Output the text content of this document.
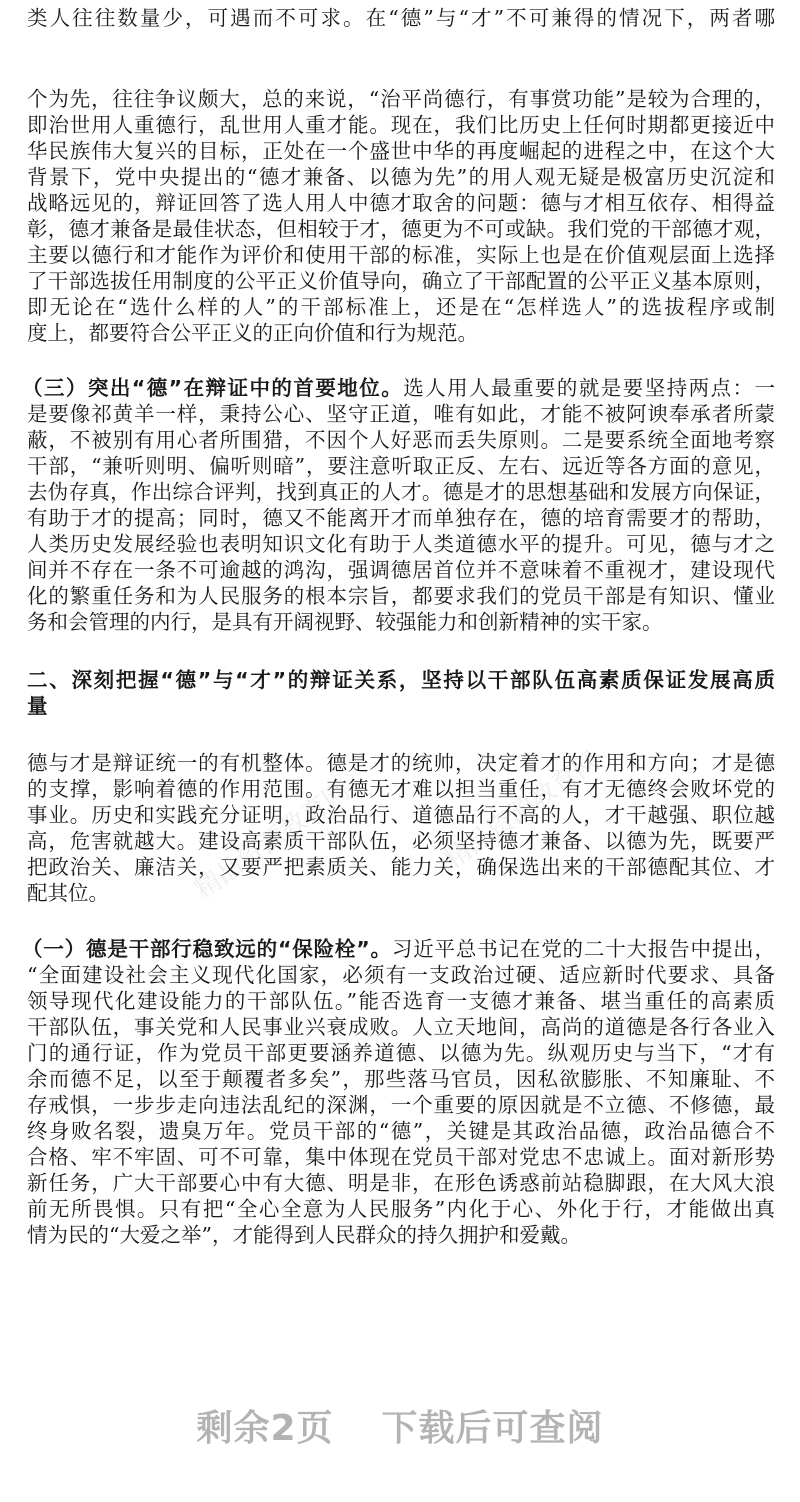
类人往往数量少，可遇而不可求。在“德”与“才”不可兼得的情况下，两者哪
个为先，往往争议颇大，总的来说，“治平尚德行，有事赏功能”是较为合理的，
即治世用人重德行，乱世用人重才能。现在，我们比历史上任何时期都更接近中
华民族伟大复兴的目标，正处在一个盛世中华的再度崛起的进程之中，在这个大
背景下，党中央提出的“德才兼备、以德为先”的用人观无疑是极富历史沉淀和
战略远见的，辩证回答了选人用人中德才取舍的问题：德与才相互依存、相得益
彰，德才兼备是最佳状态，但相较于才，德更为不可或缺。我们党的干部德才观，
主要以德行和才能作为评价和使用干部的标准，实际上也是在价值观层面上选择
了干部选拔任用制度的公平正义价值导向，确立了干部配置的公平正义基本原则，
即无论在“选什么样的人”的干部标准上，还是在“怎样选人”的选拔程序或制
度上，都要符合公平正义的正向价值和行为规范。
（三）突出“德”在辩证中的首要地位。选人用人最重要的就是要坚持两点：一
是要像祁黄羊一样，秉持公心、坚守正道，唯有如此，才能不被阿谀奉承者所蒙
蔽，不被别有用心者所围猎，不因个人好恶而丢失原则。二是要系统全面地考察
干部，“兼听则明、偏听则暗”，要注意听取正反、左右、远近等各方面的意见，
去伪存真，作出综合评判，找到真正的人才。德是才的思想基础和发展方向保证，
有助于才的提高；同时，德又不能离开才而单独存在，德的培育需要才的帮助，
人类历史发展经验也表明知识文化有助于人类道德水平的提升。可见，德与才之
间并不存在一条不可逾越的鸿沟，强调德居首位并不意味着不重视才，建设现代
化的繁重任务和为人民服务的根本宗旨，都要求我们的党员干部是有知识、懂业
务和会管理的内行，是具有开阔视野、较强能力和创新精神的实干家。
二、深刻把握“德”与“才”的辩证关系，坚持以干部队伍高素质保证发展高质
量
德与才是辩证统一的有机整体。德是才的统帅，决定着才的作用和方向；才是德
的支撑，影响着德的作用范围。有德无才难以担当重任，有才无德终会败坏党的
事业。历史和实践充分证明，政治品行、道德品行不高的人，才干越强、职位越
高，危害就越大。建设高素质干部队伍，必须坚持德才兼备、以德为先，既要严
把政治关、廉洁关，又要严把素质关、能力关，确保选出来的干部德配其位、才
配其位。
（一）德是干部行稳致远的“保险栓”。习近平总书记在党的二十大报告中提出，
“全面建设社会主义现代化国家，必须有一支政治过硬、适应新时代要求、具备
领导现代化建设能力的干部队伍。”能否选育一支德才兼备、堪当重任的高素质
干部队伍，事关党和人民事业兴衰成败。人立天地间，高尚的道德是各行各业入
门的通行证，作为党员干部更要涵养道德、以德为先。纵观历史与当下，“才有
余而德不足，以至于颠覆者多矣”，那些落马官员，因私欲膨胀、不知廉耻、不
存戒惧，一步步走向违法乱纪的深渊，一个重要的原因就是不立德、不修德，最
终身败名裂，遗臭万年。党员干部的“德”，关键是其政治品德，政治品德合不
合格、牢不牢固、可不可靠，集中体现在党员干部对党忠不忠诚上。面对新形势
新任务，广大干部要心中有大德、明是非，在形色诱惑前站稳脚跟，在大风大浪
前无所畏惧。只有把“全心全意为人民服务”内化于心、外化于行，才能做出真
情为民的“大爱之举”，才能得到人民群众的持久拥护和爱戴。
精品资源教育网	精品资源教育网
剩余2页 下载后可查阅
